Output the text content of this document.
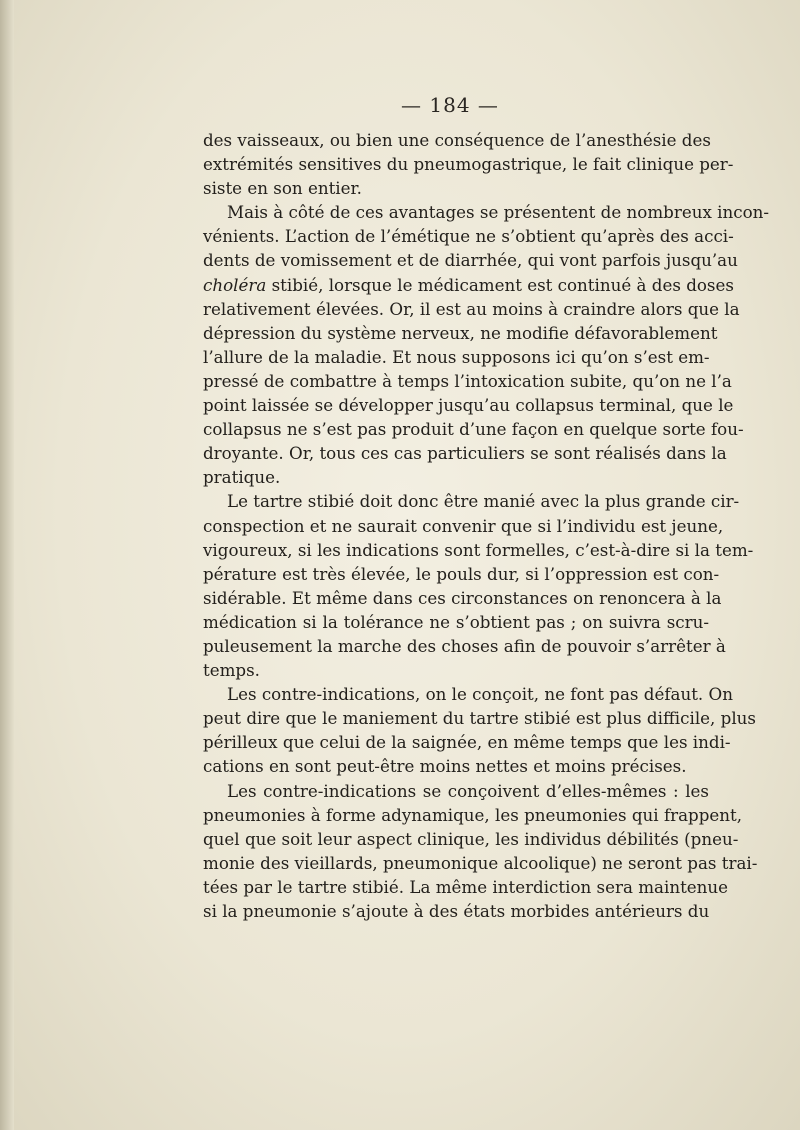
— 184 —
des vaisseaux, ou bien une conséquence de l’anesthésie des
extrémités sensitives du pneumogastrique, le fait clinique per-
siste en son entier.
Mais à côté de ces avantages se présentent de nombreux incon-
vénients. L’action de l’émétique ne s’obtient qu’après des acci-
dents de vomissement et de diarrhée, qui vont parfois jusqu’au
choléra stibié, lorsque le médicament est continué à des doses
relativement élevées. Or, il est au moins à craindre alors que la
dépression du système nerveux, ne modifie défavorablement
l’allure de la maladie. Et nous supposons ici qu’on s’est em-
pressé de combattre à temps l’intoxication subite, qu’on ne l’a
point laissée se développer jusqu’au collapsus terminal, que le
collapsus ne s’est pas produit d’une façon en quelque sorte fou-
droyante. Or, tous ces cas particuliers se sont réalisés dans la
pratique.
Le tartre stibié doit donc être manié avec la plus grande cir-
conspection et ne saurait convenir que si l’individu est jeune,
vigoureux, si les indications sont formelles, c’est-à-dire si la tem-
pérature est très élevée, le pouls dur, si l’oppression est con-
sidérable. Et même dans ces circonstances on renoncera à la
médication si la tolérance ne s’obtient pas ; on suivra scru-
puleusement la marche des choses afin de pouvoir s’arrêter à
temps.
Les contre-indications, on le conçoit, ne font pas défaut. On
peut dire que le maniement du tartre stibié est plus difficile, plus
périlleux que celui de la saignée, en même temps que les indi-
cations en sont peut-être moins nettes et moins précises.
Les contre-indications se conçoivent d’elles-mêmes : les
pneumonies à forme adynamique, les pneumonies qui frappent,
quel que soit leur aspect clinique, les individus débilités (pneu-
monie des vieillards, pneumonique alcoolique) ne seront pas trai-
tées par le tartre stibié. La même interdiction sera maintenue
si la pneumonie s’ajoute à des états morbides antérieurs du
